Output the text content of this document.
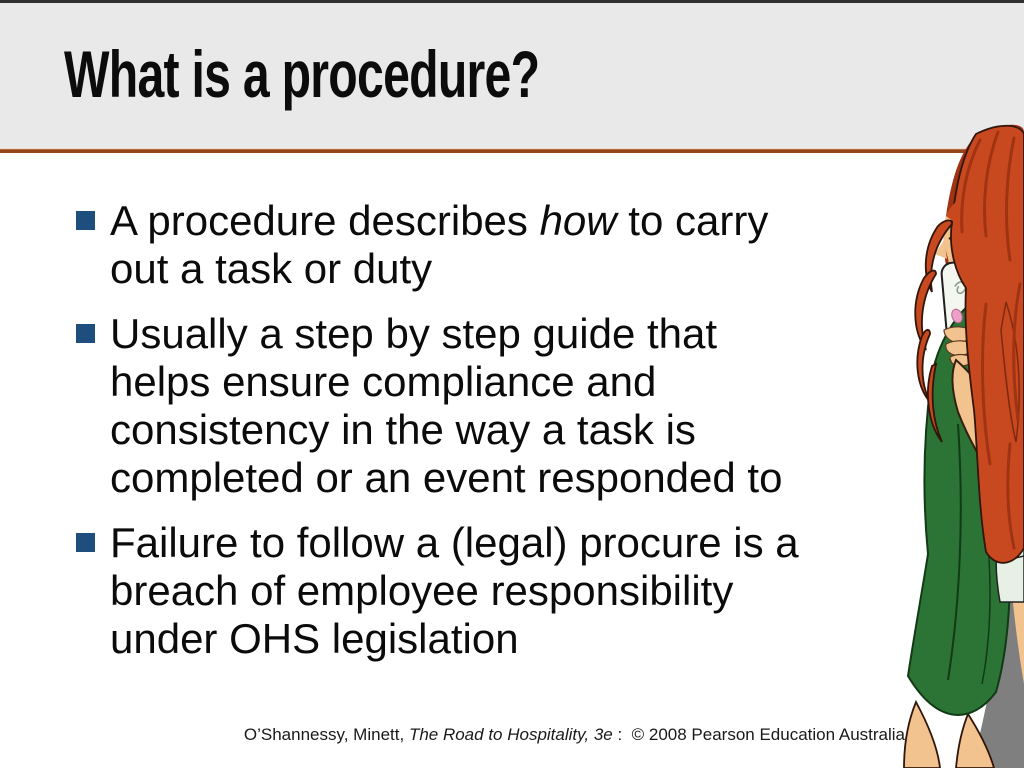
What is a procedure?
A procedure describes how to carry
out a task or duty
Usually a step by step guide that
helps ensure compliance and
consistency in the way a task is
completed or an event responded to
Failure to follow a (legal) procure is a
breach of employee responsibility
under OHS legislation
O’Shannessy, Minett, The Road to Hospitality, 3e :  © 2008 Pearson Education Australia
